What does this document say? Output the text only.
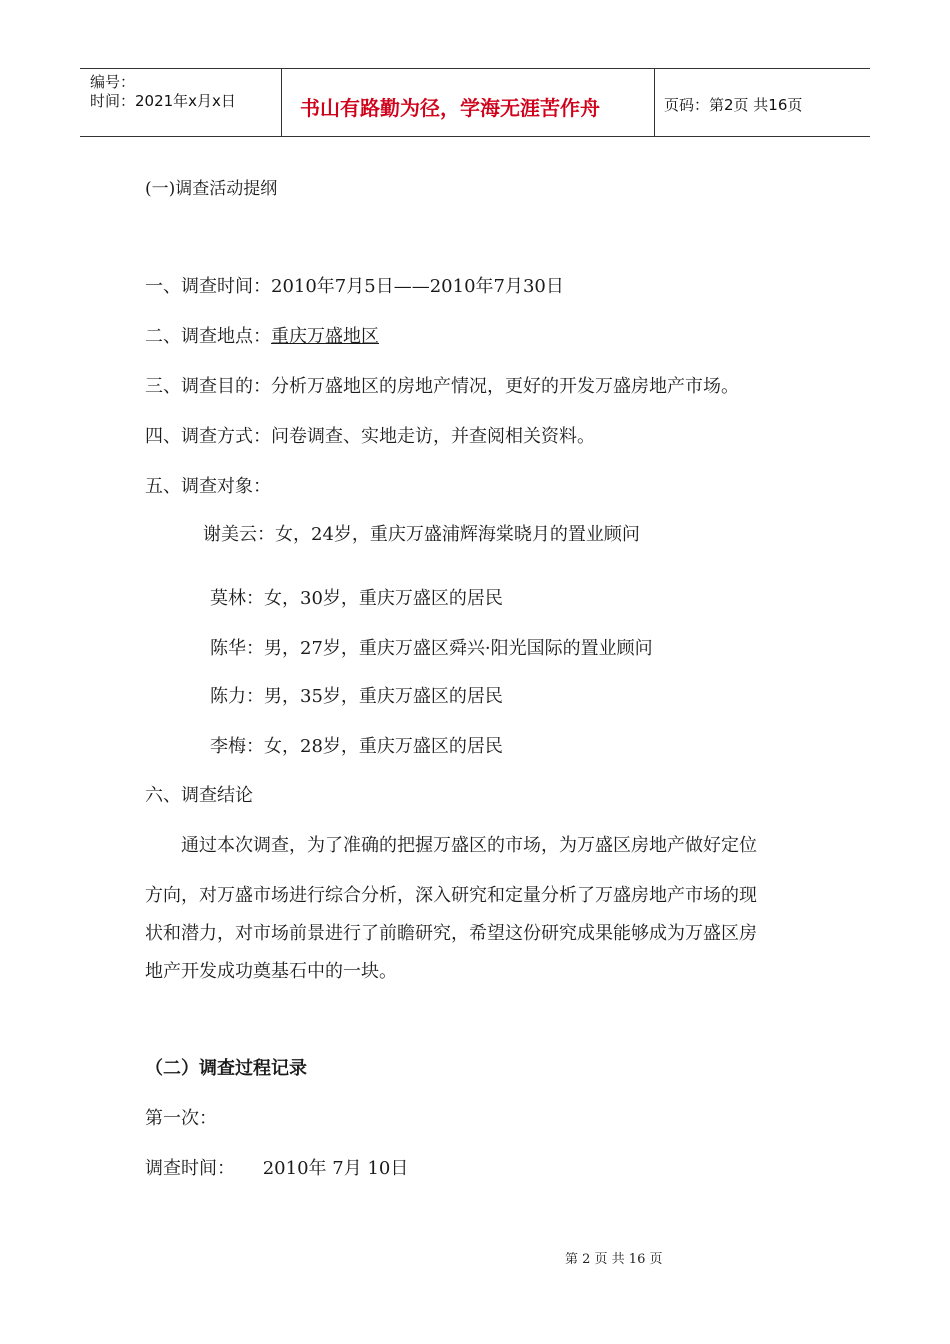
编号：
时间：2021年x月x日	书山有路勤为径，学海无涯苦作舟	页码：第2页 共16页
(一)调查活动提纲
一、调查时间：2010年7月5日——2010年7月30日
二、调查地点：重庆万盛地区
三、调查目的：分析万盛地区的房地产情况，更好的开发万盛房地产市场。
四、调查方式：问卷调查、实地走访，并查阅相关资料。
五、调查对象：
谢美云：女，24岁，重庆万盛浦辉海棠晓月的置业顾问
莫林：女，30岁，重庆万盛区的居民
陈华：男，27岁，重庆万盛区舜兴·阳光国际的置业顾问
陈力：男，35岁，重庆万盛区的居民
李梅：女，28岁，重庆万盛区的居民
六、调查结论
通过本次调查，为了准确的把握万盛区的市场，为万盛区房地产做好定位
方向，对万盛市场进行综合分析，深入研究和定量分析了万盛房地产市场的现
状和潜力，对市场前景进行了前瞻研究，希望这份研究成果能够成为万盛区房
地产开发成功奠基石中的一块。
（二）调查过程记录
第一次：
调查时间： 2010年 7月 10日
第 2 页 共 16 页
